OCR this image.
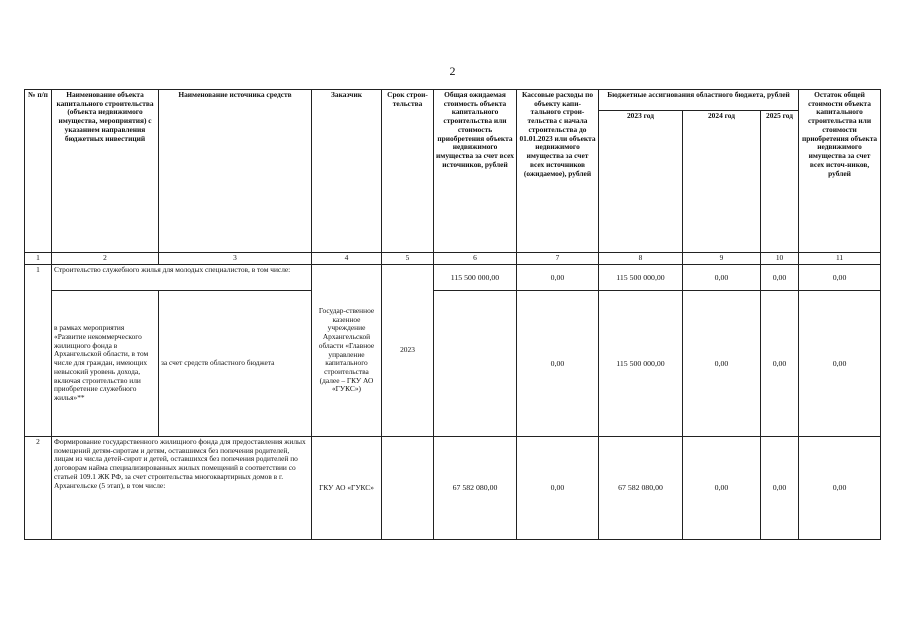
2
№ п/п	Наименование объекта капитального строительства (объекта недвижимого имущества, мероприятия) с указанием направления бюджетных инвестиций	Наименование источника средств	Заказчик	Срок строи-тельства	Общая ожидаемая стоимость объекта капитального строительства или стоимость приобретения объекта недвижимого имущества за счет всех источников, рублей	Кассовые расходы по объекту капи-тального строи-тельства с начала строительства до 01.01.2023 или объекта недвижимого имущества за счет всех источников (ожидаемое), рублей	Бюджетные ассигнования областного бюджета, рублей			Остаток общей стоимости объекта капитального строительства или стоимости приобретения объекта недвижимого имущества за счет всех источ-ников, рублей
							2023 год	2024 год	2025 год	
1	2	3	4	5	6	7	8	9	10	11
1	Строительство служебного жилья для молодых специалистов, в том числе:		Государ-ственное казенное учреждение Архангельской области «Главное управление капитального строительства (далее – ГКУ АО «ГУКС»)	2023	115 500 000,00	0,00	115 500 000,00	0,00	0,00	0,00
	в рамках мероприятия «Развитие некоммерческого жилищного фонда в Архангельской области, в том числе для граждан, имеющих невысокий уровень дохода, включая строительство или приобретение служебного жилья»**	за счет средств областного бюджета				0,00	115 500 000,00	0,00	0,00	0,00
2	Формирование государственного жилищного фонда для предоставления жилых помещений детям-сиротам и детям, оставшимся без попечения родителей, лицам из числа детей-сирот и детей, оставшихся без попечения родителей по договорам найма специализированных жилых помещений в соответствии со статьей 109.1 ЖК РФ, за счет строительства многоквартирных домов в г. Архангельске (5 этап), в том числе:		ГКУ АО «ГУКС»		67 582 080,00	0,00	67 582 080,00	0,00	0,00	0,00
